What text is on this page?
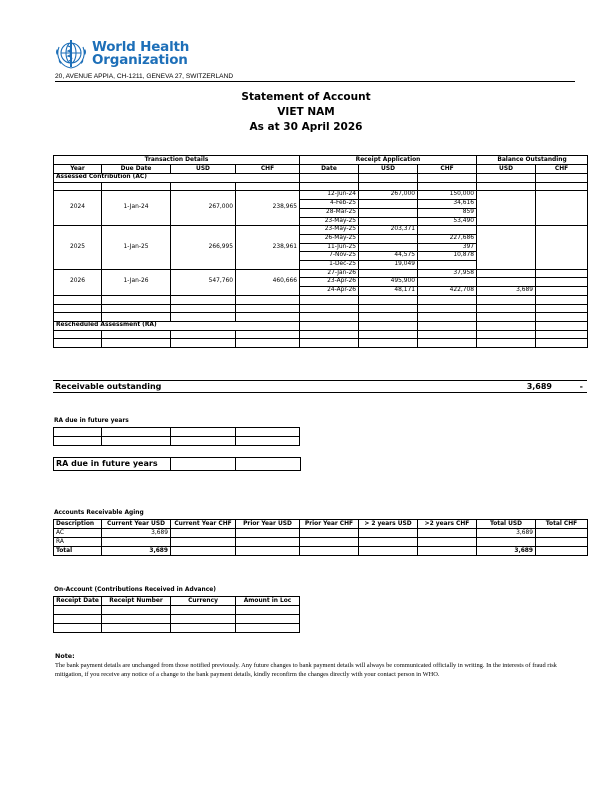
World Health
Organization
20, AVENUE APPIA, CH-1211, GENEVA 27, SWITZERLAND
Statement of Account
VIET NAM
As at 30 April 2026
Transaction Details				Receipt Application			Balance Outstanding	
Year	Due Date	USD	CHF	Date	USD	CHF	USD	CHF
Assessed Contribution (AC)								

2024	1-Jan-24	267,000	238,965	12-Jun-24	267,000	150,000		
				4-Feb-25		34,616		
				28-Mar-25		859		
				23-May-25		53,490		
2025	1-Jan-25	266,995	238,961	23-May-25	203,371			
				26-May-25		227,686		
				11-Jun-25		397		
				7-Nov-25	44,575	10,878		
				1-Dec-25	19,049			
2026	1-Jan-26	547,760	460,666	27-Jan-26		37,958		
				23-Apr-26	495,900			
				24-Apr-26	48,171	422,708	3,689	

Rescheduled Assessment (RA)								

Receivable outstanding	3,689	-
RA due in future years

RA due in future years
Accounts Receivable Aging
Description	Current Year USD	Current Year CHF	Prior Year USD	Prior Year CHF	> 2 years USD	>2 years CHF	Total USD	Total CHF
AC	3,689						3,689	
RA								
Total	3,689						3,689	
On-Account (Contributions Received in Advance)
Receipt Date	Receipt Number	Currency	Amount in Loc

Note:
The bank payment details are unchanged from those notified previously. Any future changes to bank payment details will always be communicated officially in writing. In the interests of fraud risk mitigation, if you receive any notice of a change to the bank payment details, kindly reconfirm the changes directly with your contact person in WHO.
